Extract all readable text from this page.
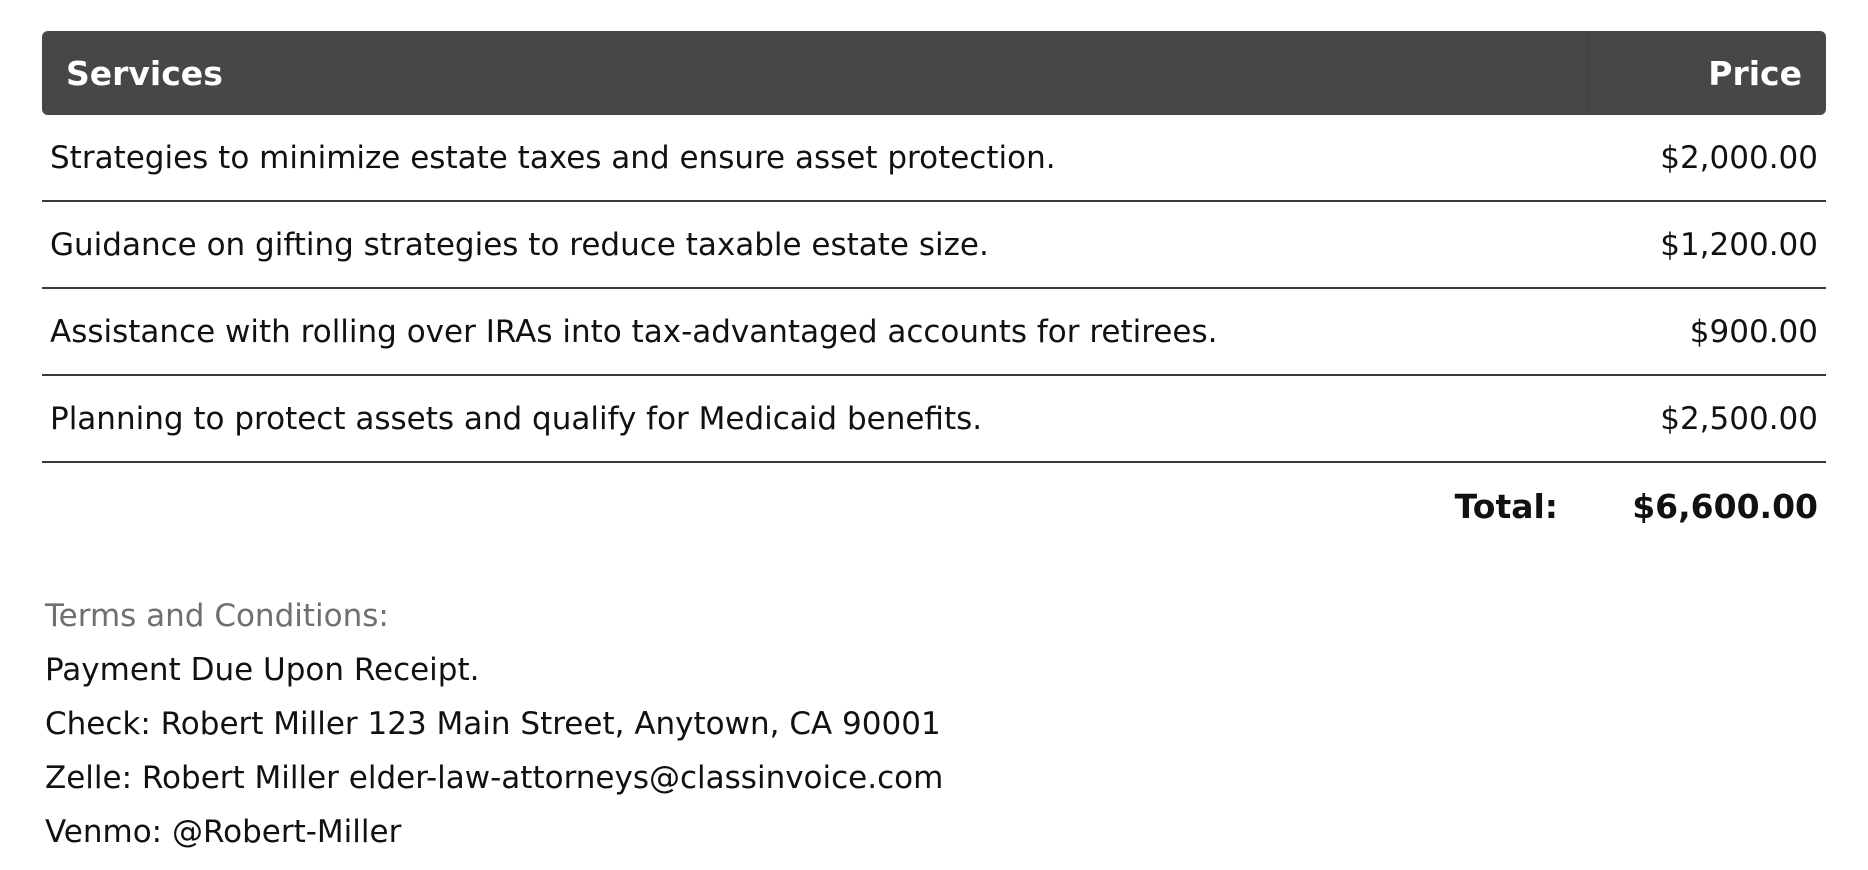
Services	Price
Strategies to minimize estate taxes and ensure asset protection.	$2,000.00
Guidance on gifting strategies to reduce taxable estate size.	$1,200.00
Assistance with rolling over IRAs into tax-advantaged accounts for retirees.	$900.00
Planning to protect assets and qualify for Medicaid benefits.	$2,500.00
Total:	$6,600.00
Terms and Conditions:
Payment Due Upon Receipt.
Check: Robert Miller 123 Main Street, Anytown, CA 90001
Zelle: Robert Miller elder-law-attorneys@classinvoice.com
Venmo: @Robert-Miller
